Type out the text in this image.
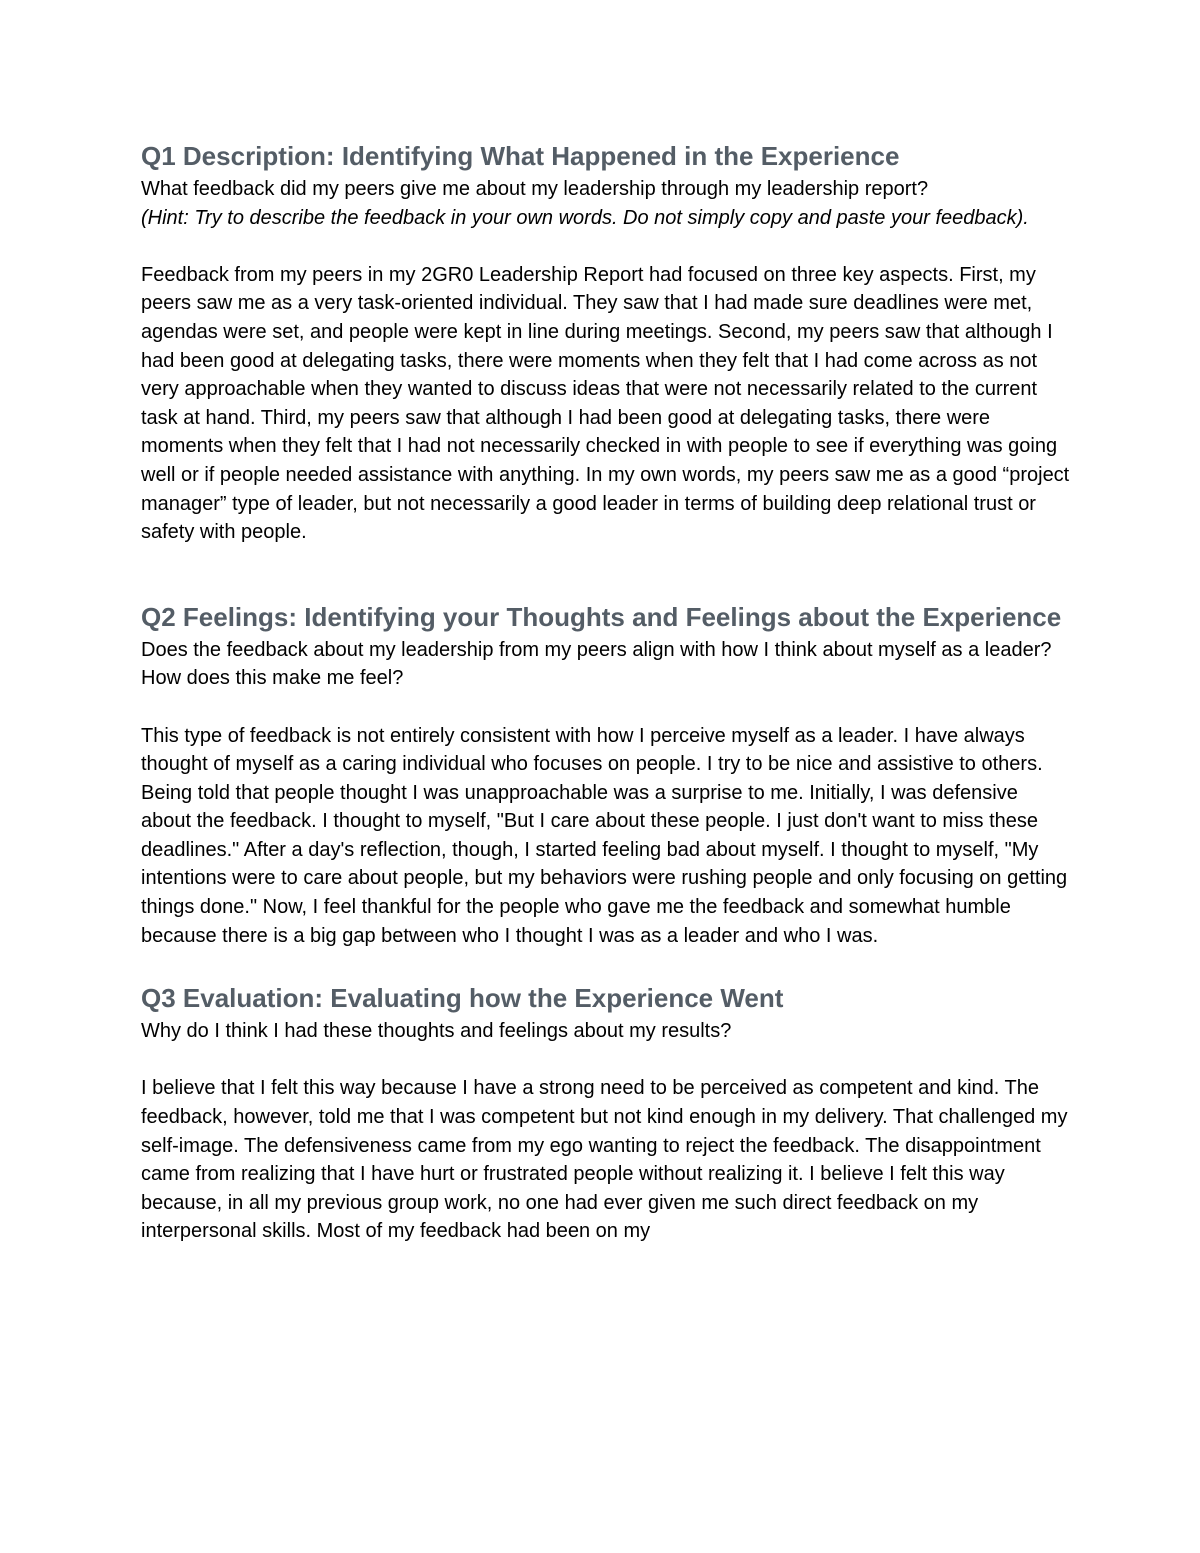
Q1 Description: Identifying What Happened in the Experience

What feedback did my peers give me about my leadership through my leadership report?
(Hint: Try to describe the feedback in your own words. Do not simply copy and paste your feedback).

Feedback from my peers in my 2GR0 Leadership Report had focused on three key aspects. First, my peers saw me as a very task-oriented individual. They saw that I had made sure deadlines were met, agendas were set, and people were kept in line during meetings. Second, my peers saw that although I had been good at delegating tasks, there were moments when they felt that I had come across as not very approachable when they wanted to discuss ideas that were not necessarily related to the current task at hand. Third, my peers saw that although I had been good at delegating tasks, there were moments when they felt that I had not necessarily checked in with people to see if everything was going well or if people needed assistance with anything. In my own words, my peers saw me as a good “project manager” type of leader, but not necessarily a good leader in terms of building deep relational trust or safety with people.

Q2 Feelings: Identifying your Thoughts and Feelings about the Experience

Does the feedback about my leadership from my peers align with how I think about myself as a leader? How does this make me feel?

This type of feedback is not entirely consistent with how I perceive myself as a leader. I have always thought of myself as a caring individual who focuses on people. I try to be nice and assistive to others. Being told that people thought I was unapproachable was a surprise to me. Initially, I was defensive about the feedback. I thought to myself, "But I care about these people. I just don't want to miss these deadlines." After a day's reflection, though, I started feeling bad about myself. I thought to myself, "My intentions were to care about people, but my behaviors were rushing people and only focusing on getting things done." Now, I feel thankful for the people who gave me the feedback and somewhat humble because there is a big gap between who I thought I was as a leader and who I was.

Q3 Evaluation: Evaluating how the Experience Went

Why do I think I had these thoughts and feelings about my results?

I believe that I felt this way because I have a strong need to be perceived as competent and kind. The feedback, however, told me that I was competent but not kind enough in my delivery. That challenged my self-image. The defensiveness came from my ego wanting to reject the feedback. The disappointment came from realizing that I have hurt or frustrated people without realizing it. I believe I felt this way because, in all my previous group work, no one had ever given me such direct feedback on my interpersonal skills. Most of my feedback had been on my
